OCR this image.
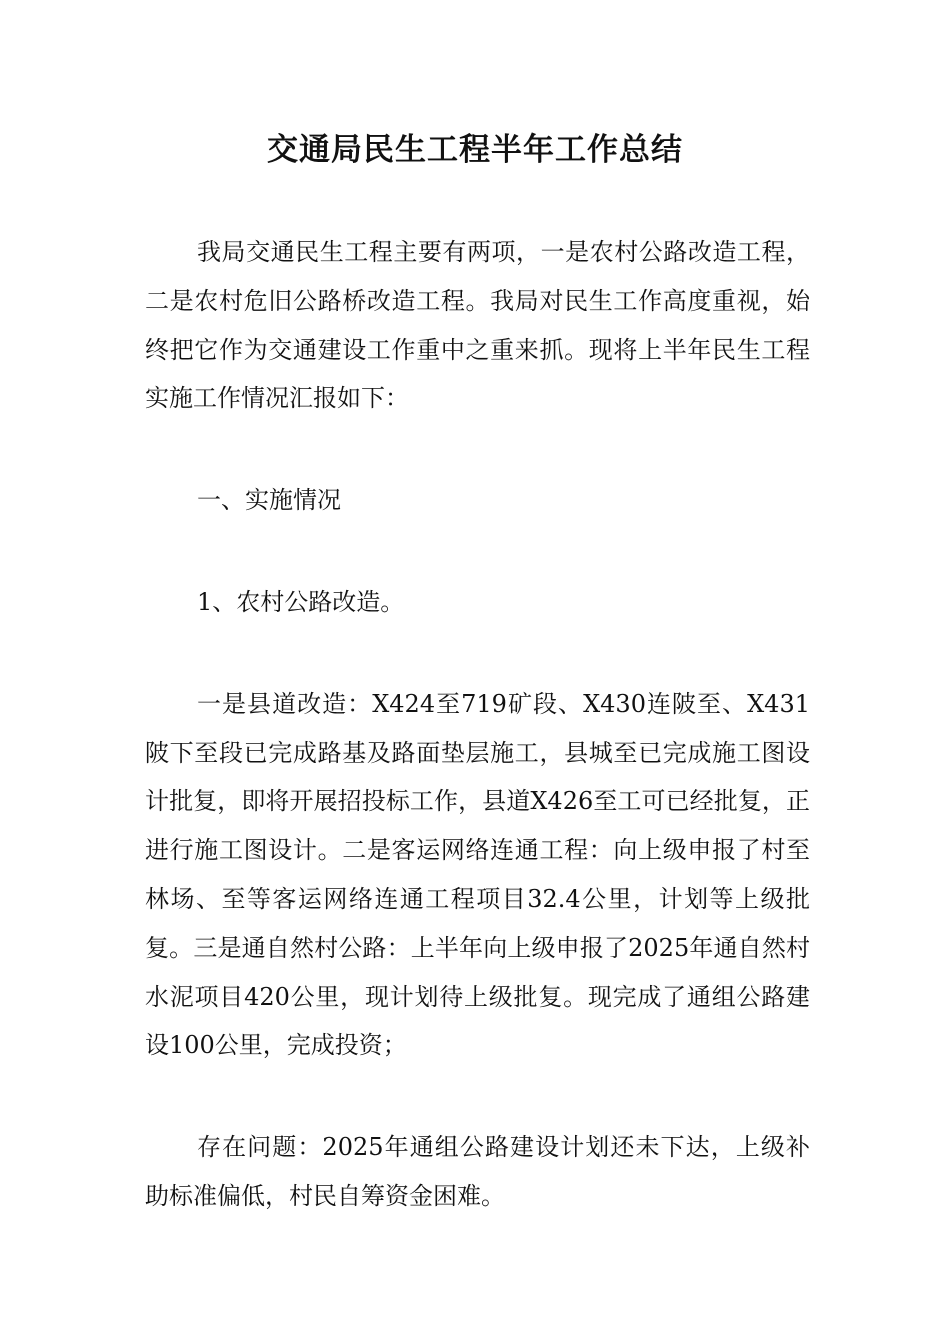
交通局民生工程半年工作总结

我局交通民生工程主要有两项，一是农村公路改造工程，二是农村危旧公路桥改造工程。我局对民生工作高度重视，始终把它作为交通建设工作重中之重来抓。现将上半年民生工程实施工作情况汇报如下：

一、实施情况

1、农村公路改造。

一是县道改造：X424至719矿段、X430连陂至、X431陂下至段已完成路基及路面垫层施工，县城至已完成施工图设计批复，即将开展招投标工作，县道X426至工可已经批复，正进行施工图设计。二是客运网络连通工程：向上级申报了村至林场、至等客运网络连通工程项目32.4公里，计划等上级批复。三是通自然村公路：上半年向上级申报了2025年通自然村水泥项目420公里，现计划待上级批复。现完成了通组公路建设100公里，完成投资；

存在问题：2025年通组公路建设计划还未下达，上级补助标准偏低，村民自筹资金困难。
